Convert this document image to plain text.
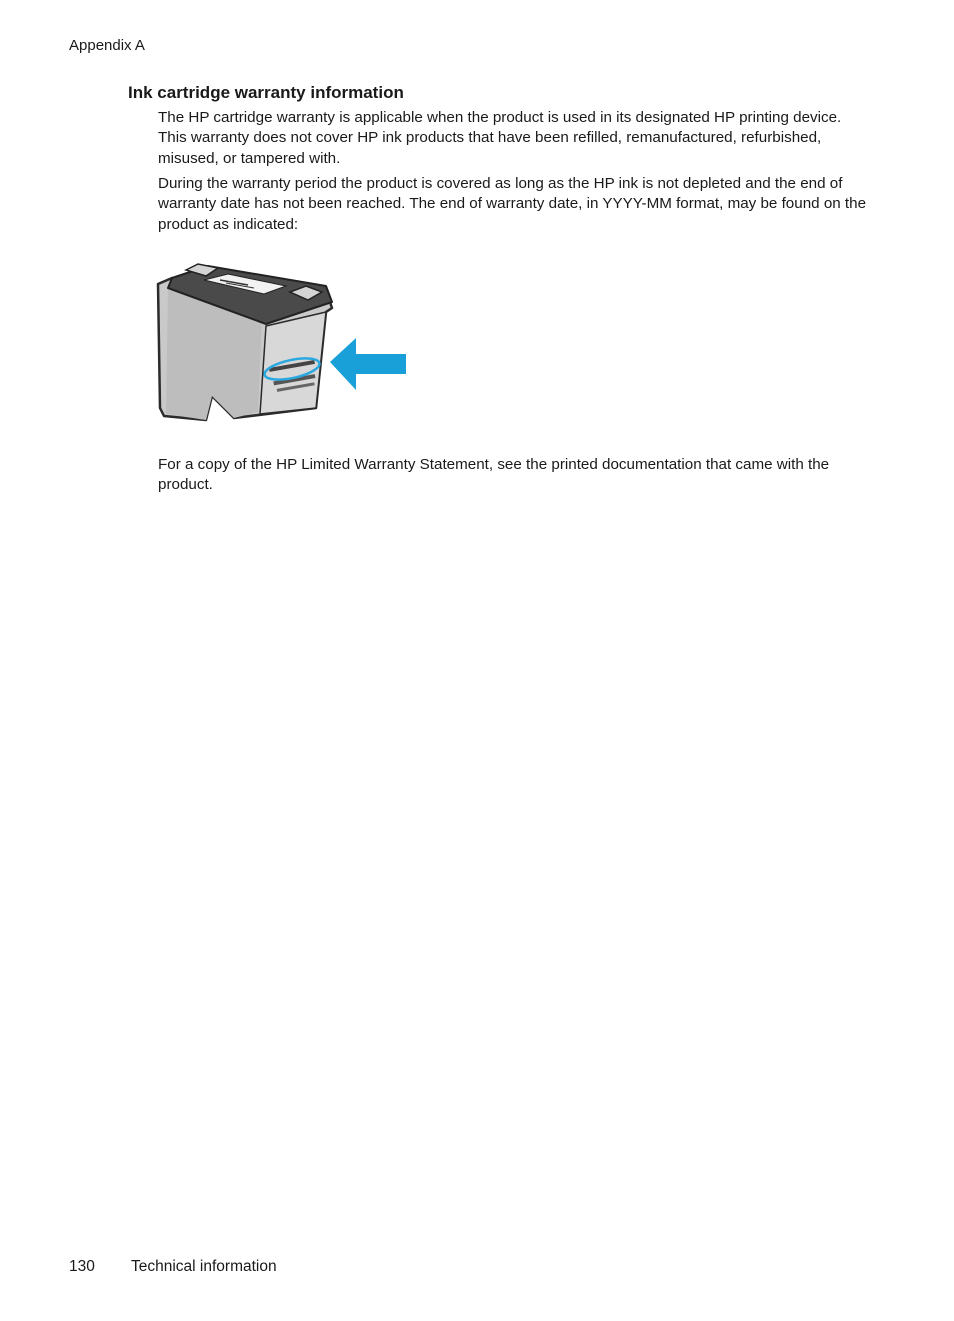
Appendix A
Ink cartridge warranty information

The HP cartridge warranty is applicable when the product is used in its designated HP printing device. This warranty does not cover HP ink products that have been refilled, remanufactured, refurbished, misused, or tampered with.

During the warranty period the product is covered as long as the HP ink is not depleted and the end of warranty date has not been reached. The end of warranty date, in YYYY-MM format, may be found on the product as indicated:

For a copy of the HP Limited Warranty Statement, see the printed documentation that came with the product.

130 Technical information
